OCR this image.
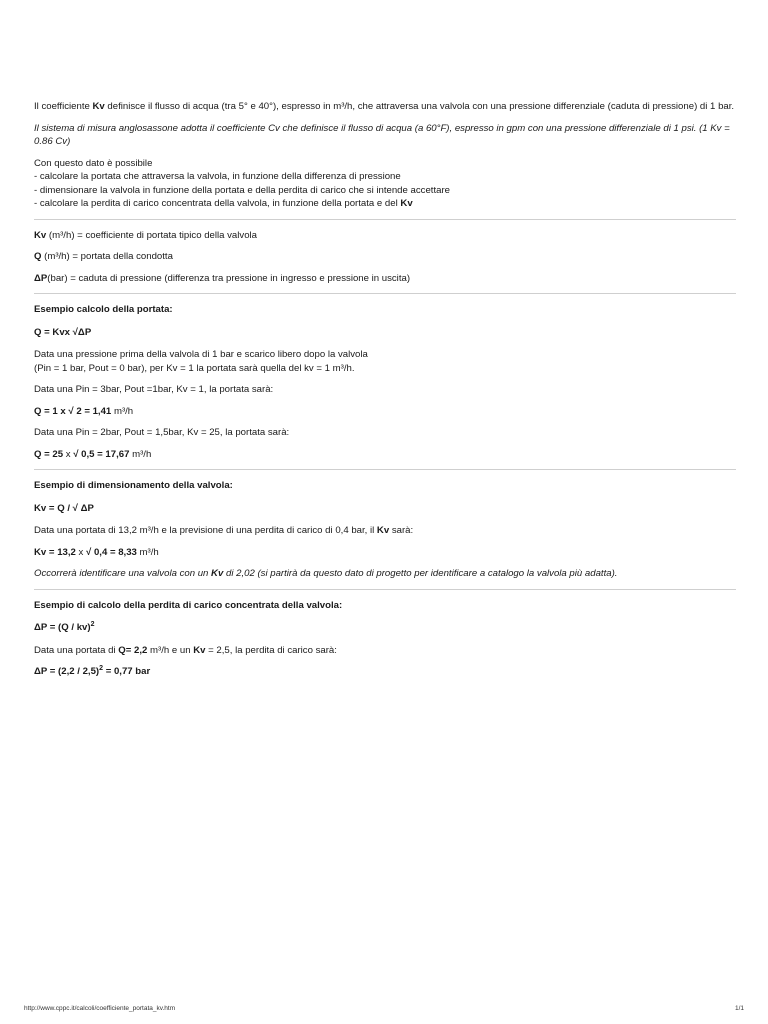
Il coefficiente Kv definisce il flusso di acqua (tra 5° e 40°), espresso in m³/h, che attraversa una valvola con una pressione differenziale (caduta di pressione) di 1 bar.

Il sistema di misura anglosassone adotta il coefficiente Cv che definisce il flusso di acqua (a 60°F), espresso in gpm con una pressione differenziale di 1 psi. (1 Kv = 0.86 Cv)

Con questo dato è possibile

- calcolare la portata che attraversa la valvola, in funzione della differenza di pressione

- dimensionare la valvola in funzione della portata e della perdita di carico che si intende accettare

- calcolare la perdita di carico concentrata della valvola, in funzione della portata e del Kv

Kv (m³/h) = coefficiente di portata tipico della valvola

Q (m³/h) = portata della condotta

ΔP(bar) = caduta di pressione (differenza tra pressione in ingresso e pressione in uscita)

Esempio calcolo della portata:

Q = Kvx √ΔP

Data una pressione prima della valvola di 1 bar e scarico libero dopo la valvola

(Pin = 1 bar, Pout = 0 bar), per Kv = 1 la portata sarà quella del kv = 1 m³/h.

Data una Pin = 3bar, Pout =1bar, Kv = 1, la portata sarà:

Q = 1 x √ 2 = 1,41 m³/h

Data una Pin = 2bar, Pout = 1,5bar, Kv = 25, la portata sarà:

Q = 25 x √ 0,5 = 17,67 m³/h

Esempio di dimensionamento della valvola:

Kv = Q / √ ΔP

Data una portata di 13,2 m³/h e la previsione di una perdita di carico di 0,4 bar, il Kv sarà:

Kv = 13,2 x √ 0,4 = 8,33 m³/h

Occorrerà identificare una valvola con un Kv di 2,02 (si partirà da questo dato di progetto per identificare a catalogo la valvola più adatta).

Esempio di calcolo della perdita di carico concentrata della valvola:

ΔP = (Q / kv)$^2$

Data una portata di Q= 2,2 m³/h e un Kv = 2,5, la perdita di carico sarà:

ΔP = (2,2 / 2,5)$^2$ = 0,77 bar

http://www.cppc.it/calcoli/coefficiente_portata_kv.htm	1/1
